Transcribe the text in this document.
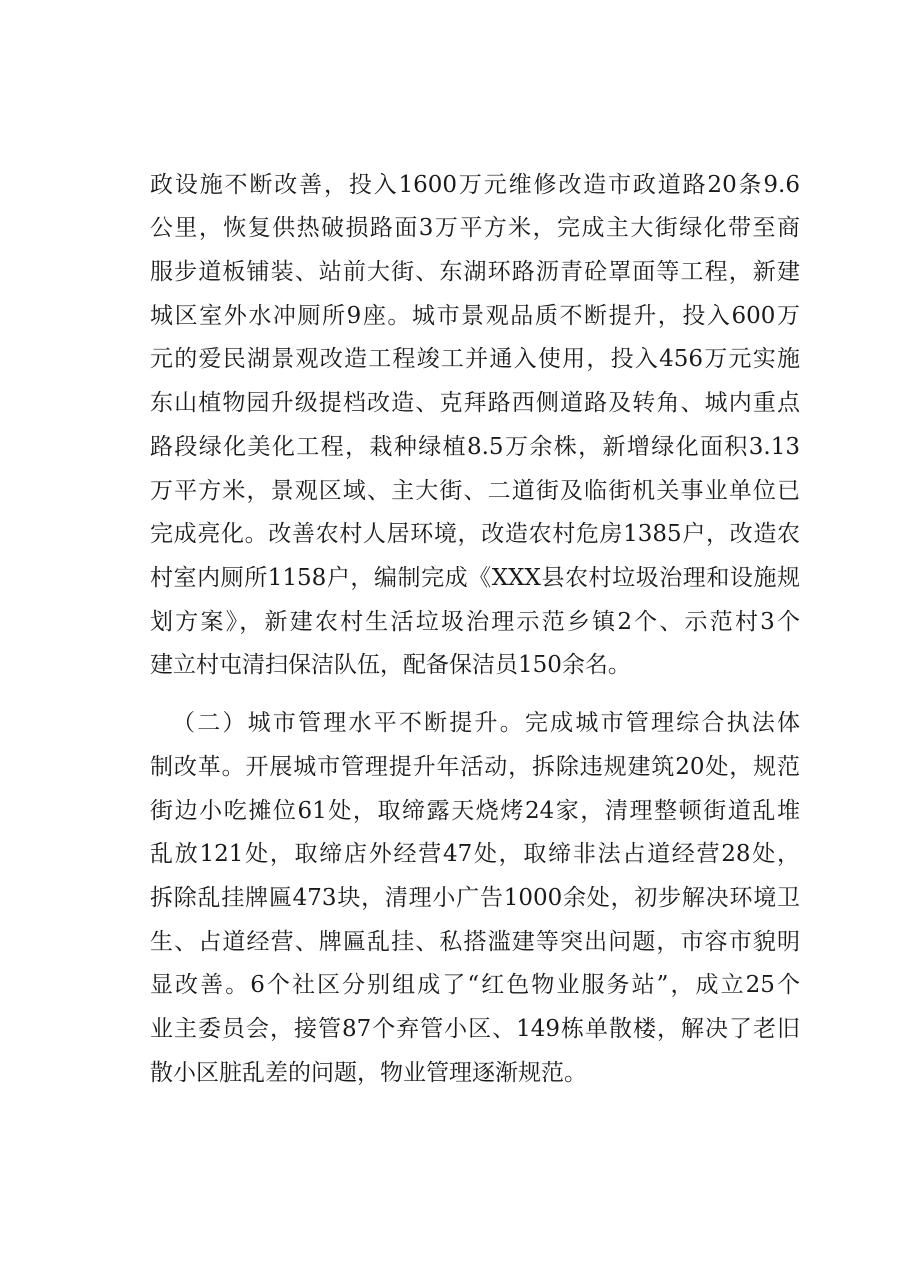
政设施不断改善，投入1600万元维修改造市政道路20条9.6
公里，恢复供热破损路面3万平方米，完成主大街绿化带至商
服步道板铺装、站前大街、东湖环路沥青砼罩面等工程，新建
城区室外水冲厕所9座。城市景观品质不断提升，投入600万
元的爱民湖景观改造工程竣工并通入使用，投入456万元实施
东山植物园升级提档改造、克拜路西侧道路及转角、城内重点
路段绿化美化工程，栽种绿植8.5万余株，新增绿化面积3.13
万平方米，景观区域、主大街、二道街及临街机关事业单位已
完成亮化。改善农村人居环境，改造农村危房1385户，改造农
村室内厕所1158户，编制完成《XXX县农村垃圾治理和设施规
划方案》，新建农村生活垃圾治理示范乡镇2个、示范村3个
建立村屯清扫保洁队伍，配备保洁员150余名。
（二）城市管理水平不断提升。完成城市管理综合执法体
制改革。开展城市管理提升年活动，拆除违规建筑20处，规范
街边小吃摊位61处，取缔露天烧烤24家，清理整顿街道乱堆
乱放121处，取缔店外经营47处，取缔非法占道经营28处，
拆除乱挂牌匾473块，清理小广告1000余处，初步解决环境卫
生、占道经营、牌匾乱挂、私搭滥建等突出问题，市容市貌明
显改善。6个社区分别组成了“红色物业服务站”，成立25个
业主委员会，接管87个弃管小区、149栋单散楼，解决了老旧
散小区脏乱差的问题，物业管理逐渐规范。
